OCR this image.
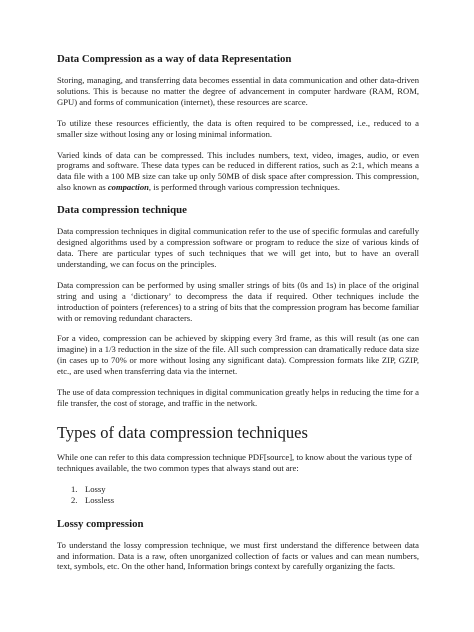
Data Compression as a way of data Representation

Storing, managing, and transferring data becomes essential in data communication and other data-driven solutions. This is because no matter the degree of advancement in computer hardware (RAM, ROM, GPU) and forms of communication (internet), these resources are scarce.

To utilize these resources efficiently, the data is often required to be compressed, i.e., reduced to a smaller size without losing any or losing minimal information.

Varied kinds of data can be compressed. This includes numbers, text, video, images, audio, or even programs and software. These data types can be reduced in different ratios, such as 2:1, which means a data file with a 100 MB size can take up only 50MB of disk space after compression. This compression, also known as compaction, is performed through various compression techniques.

Data compression technique

Data compression techniques in digital communication refer to the use of specific formulas and carefully designed algorithms used by a compression software or program to reduce the size of various kinds of data. There are particular types of such techniques that we will get into, but to have an overall understanding, we can focus on the principles.

Data compression can be performed by using smaller strings of bits (0s and 1s) in place of the original string and using a ‘dictionary’ to decompress the data if required. Other techniques include the introduction of pointers (references) to a string of bits that the compression program has become familiar with or removing redundant characters.

For a video, compression can be achieved by skipping every 3rd frame, as this will result (as one can imagine) in a 1/3 reduction in the size of the file. All such compression can dramatically reduce data size (in cases up to 70% or more without losing any significant data). Compression formats like ZIP, GZIP, etc., are used when transferring data via the internet.

The use of data compression techniques in digital communication greatly helps in reducing the time for a file transfer, the cost of storage, and traffic in the network.

Types of data compression techniques

While one can refer to this data compression technique PDF[source], to know about the various type of techniques available, the two common types that always stand out are:

1. Lossy
2. Lossless
Lossy compression

To understand the lossy compression technique, we must first understand the difference between data and information. Data is a raw, often unorganized collection of facts or values and can mean numbers, text, symbols, etc. On the other hand, Information brings context by carefully organizing the facts.
